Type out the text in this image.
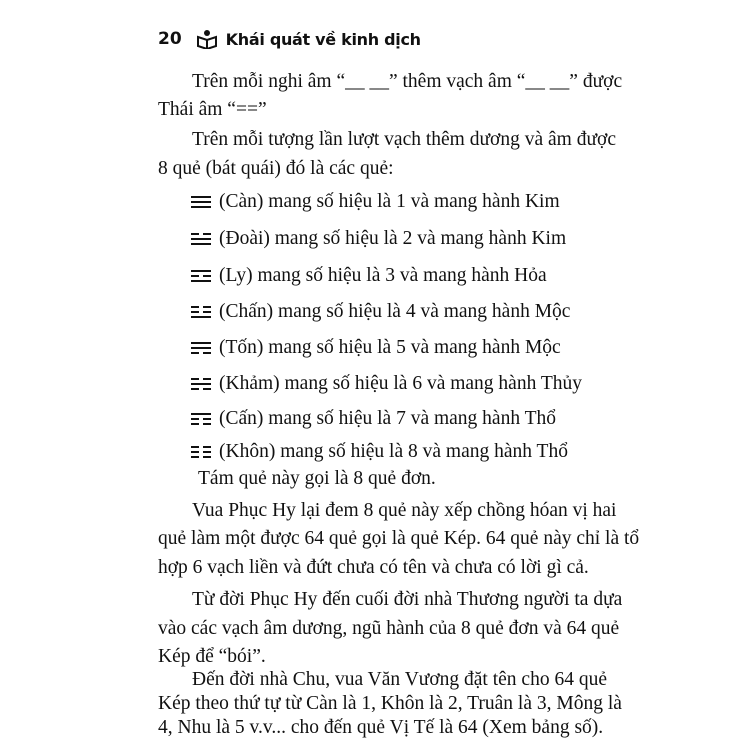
20	Khái quát về kinh dịch
Trên mỗi nghi âm “__ __” thêm vạch âm “__ __” được
Thái âm “==”
Trên mỗi tượng lần lượt vạch thêm dương và âm được
8 quẻ (bát quái) đó là các quẻ:
(Càn) mang số hiệu là 1 và mang hành Kim
(Đoài) mang số hiệu là 2 và mang hành Kim
(Ly) mang số hiệu là 3 và mang hành Hỏa
(Chấn) mang số hiệu là 4 và mang hành Mộc
(Tốn) mang số hiệu là 5 và mang hành Mộc
(Khảm) mang số hiệu là 6 và mang hành Thủy
(Cấn) mang số hiệu là 7 và mang hành Thổ
(Khôn) mang số hiệu là 8 và mang hành Thổ
Tám quẻ này gọi là 8 quẻ đơn.
Vua Phục Hy lại đem 8 quẻ này xếp chồng hóan vị hai
quẻ làm một được 64 quẻ gọi là quẻ Kép. 64 quẻ này chỉ là tổ
hợp 6 vạch liền và đứt chưa có tên và chưa có lời gì cả.
Từ đời Phục Hy đến cuối đời nhà Thương người ta dựa
vào các vạch âm dương, ngũ hành của 8 quẻ đơn và 64 quẻ
Kép để “bói”.
Đến đời nhà Chu, vua Văn Vương đặt tên cho 64 quẻ
Kép theo thứ tự từ Càn là 1, Khôn là 2, Truân là 3, Mông là
4, Nhu là 5 v.v... cho đến quẻ Vị Tế là 64 (Xem bảng số).
